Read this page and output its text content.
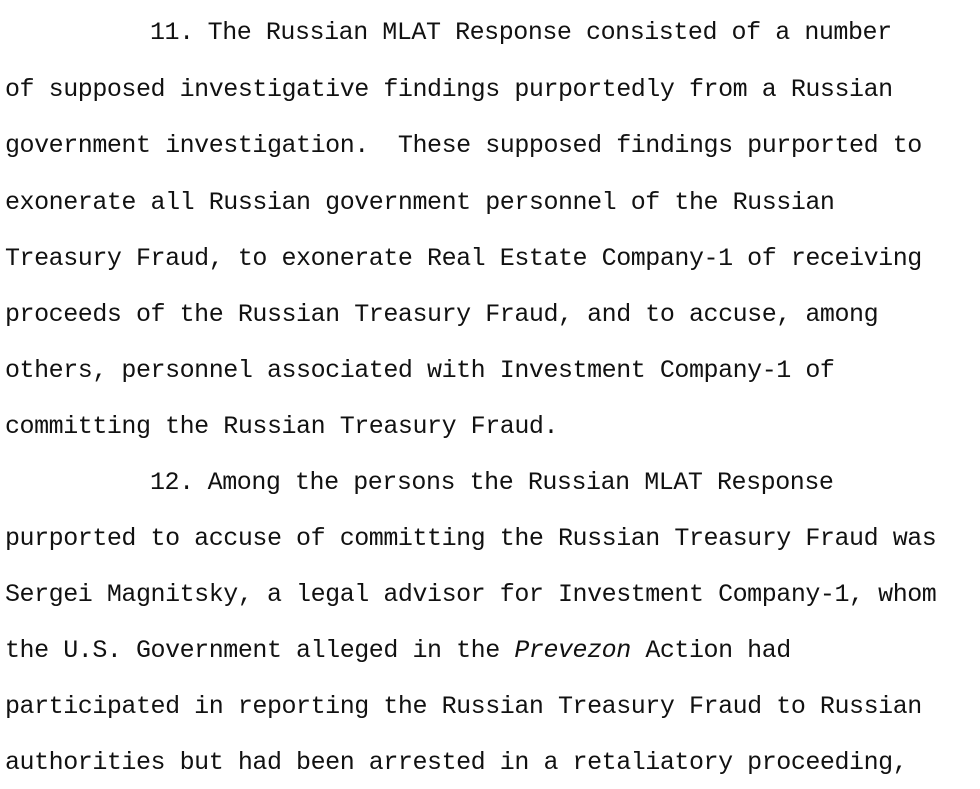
11. The Russian MLAT Response consisted of a number
of supposed investigative findings purportedly from a Russian
government investigation.  These supposed findings purported to
exonerate all Russian government personnel of the Russian
Treasury Fraud, to exonerate Real Estate Company-1 of receiving
proceeds of the Russian Treasury Fraud, and to accuse, among
others, personnel associated with Investment Company-1 of
committing the Russian Treasury Fraud.
12. Among the persons the Russian MLAT Response
purported to accuse of committing the Russian Treasury Fraud was
Sergei Magnitsky, a legal advisor for Investment Company-1, whom
the U.S. Government alleged in the Prevezon Action had
participated in reporting the Russian Treasury Fraud to Russian
authorities but had been arrested in a retaliatory proceeding,
